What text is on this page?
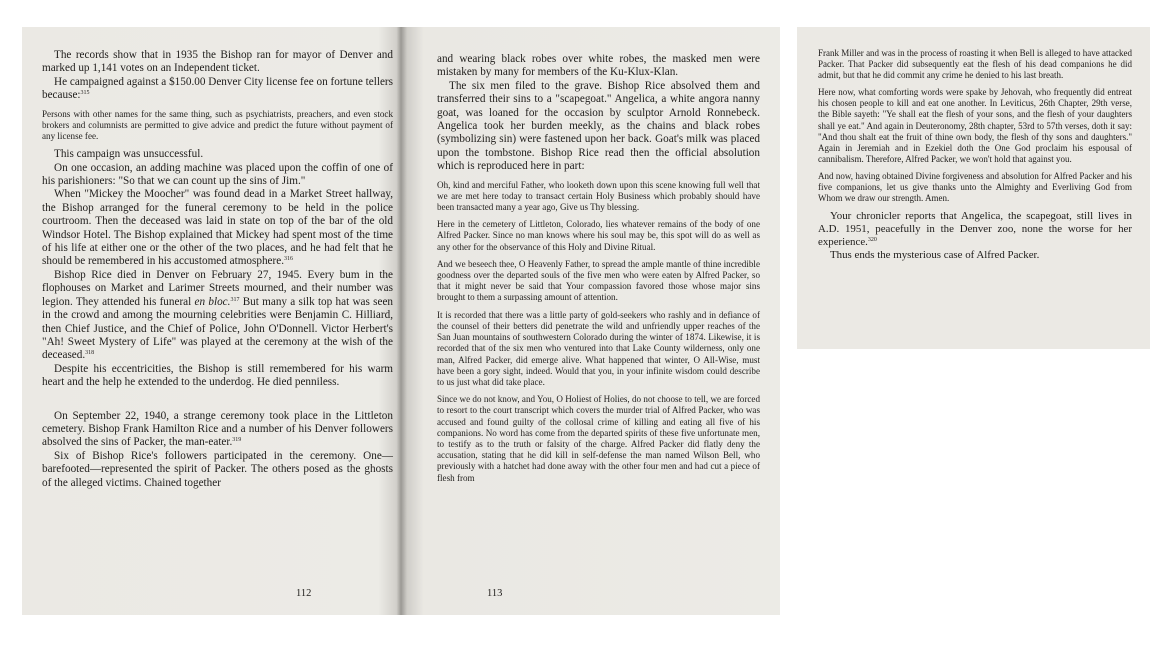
The records show that in 1935 the Bishop ran for mayor of Denver and marked up 1,141 votes on an Independent ticket.

He campaigned against a $150.00 Denver City license fee on fortune tellers because:$^{315}$

Persons with other names for the same thing, such as psychiatrists, preachers, and even stock brokers and columnists are permitted to give advice and predict the future without payment of any license fee.

This campaign was unsuccessful.

On one occasion, an adding machine was placed upon the coffin of one of his parishioners: "So that we can count up the sins of Jim."

When "Mickey the Moocher" was found dead in a Market Street hallway, the Bishop arranged for the funeral ceremony to be held in the police courtroom. Then the deceased was laid in state on top of the bar of the old Windsor Hotel. The Bishop explained that Mickey had spent most of the time of his life at either one or the other of the two places, and he had felt that he should be remembered in his accustomed atmosphere.$^{316}$

Bishop Rice died in Denver on February 27, 1945. Every bum in the flophouses on Market and Larimer Streets mourned, and their number was legion. They attended his funeral en bloc.$^{317}$ But many a silk top hat was seen in the crowd and among the mourning celebrities were Benjamin C. Hilliard, then Chief Justice, and the Chief of Police, John O'Donnell. Victor Herbert's "Ah! Sweet Mystery of Life" was played at the ceremony at the wish of the deceased.$^{318}$

Despite his eccentricities, the Bishop is still remembered for his warm heart and the help he extended to the underdog. He died penniless.

On September 22, 1940, a strange ceremony took place in the Littleton cemetery. Bishop Frank Hamilton Rice and a number of his Denver followers absolved the sins of Packer, the man-eater.$^{319}$

Six of Bishop Rice's followers participated in the ceremony. One—barefooted—represented the spirit of Packer. The others posed as the ghosts of the alleged victims. Chained together

112

and wearing black robes over white robes, the masked men were mistaken by many for members of the Ku-Klux-Klan.

The six men filed to the grave. Bishop Rice absolved them and transferred their sins to a "scapegoat." Angelica, a white angora nanny goat, was loaned for the occasion by sculptor Arnold Ronnebeck. Angelica took her burden meekly, as the chains and black robes (symbolizing sin) were fastened upon her back. Goat's milk was placed upon the tombstone. Bishop Rice read then the official absolution which is reproduced here in part:

Oh, kind and merciful Father, who looketh down upon this scene knowing full well that we are met here today to transact certain Holy Business which probably should have been transacted many a year ago, Give us Thy blessing.

Here in the cemetery of Littleton, Colorado, lies whatever remains of the body of one Alfred Packer. Since no man knows where his soul may be, this spot will do as well as any other for the observance of this Holy and Divine Ritual.

And we beseech thee, O Heavenly Father, to spread the ample mantle of thine incredible goodness over the departed souls of the five men who were eaten by Alfred Packer, so that it might never be said that Your compassion favored those whose major sins brought to them a surpassing amount of attention.

It is recorded that there was a little party of gold-seekers who rashly and in defiance of the counsel of their betters did penetrate the wild and unfriendly upper reaches of the San Juan mountains of southwestern Colorado during the winter of 1874. Likewise, it is recorded that of the six men who ventured into that Lake County wilderness, only one man, Alfred Packer, did emerge alive. What happened that winter, O All-Wise, must have been a gory sight, indeed. Would that you, in your infinite wisdom could describe to us just what did take place.

Since we do not know, and You, O Holiest of Holies, do not choose to tell, we are forced to resort to the court transcript which covers the murder trial of Alfred Packer, who was accused and found guilty of the collosal crime of killing and eating all five of his companions. No word has come from the departed spirits of these five unfortunate men, to testify as to the truth or falsity of the charge. Alfred Packer did flatly deny the accusation, stating that he did kill in self-defense the man named Wilson Bell, who previously with a hatchet had done away with the other four men and had cut a piece of flesh from

113

Frank Miller and was in the process of roasting it when Bell is alleged to have attacked Packer. That Packer did subsequently eat the flesh of his dead companions he did admit, but that he did commit any crime he denied to his last breath.

Here now, what comforting words were spake by Jehovah, who frequently did entreat his chosen people to kill and eat one another. In Leviticus, 26th Chapter, 29th verse, the Bible sayeth: "Ye shall eat the flesh of your sons, and the flesh of your daughters shall ye eat." And again in Deuteronomy, 28th chapter, 53rd to 57th verses, doth it say: "And thou shalt eat the fruit of thine own body, the flesh of thy sons and daughters." Again in Jeremiah and in Ezekiel doth the One God proclaim his espousal of cannibalism. Therefore, Alfred Packer, we won't hold that against you.

And now, having obtained Divine forgiveness and absolution for Alfred Packer and his five companions, let us give thanks unto the Almighty and Everliving God from Whom we draw our strength. Amen.

Your chronicler reports that Angelica, the scapegoat, still lives in A.D. 1951, peacefully in the Denver zoo, none the worse for her experience.$^{320}$

Thus ends the mysterious case of Alfred Packer.
